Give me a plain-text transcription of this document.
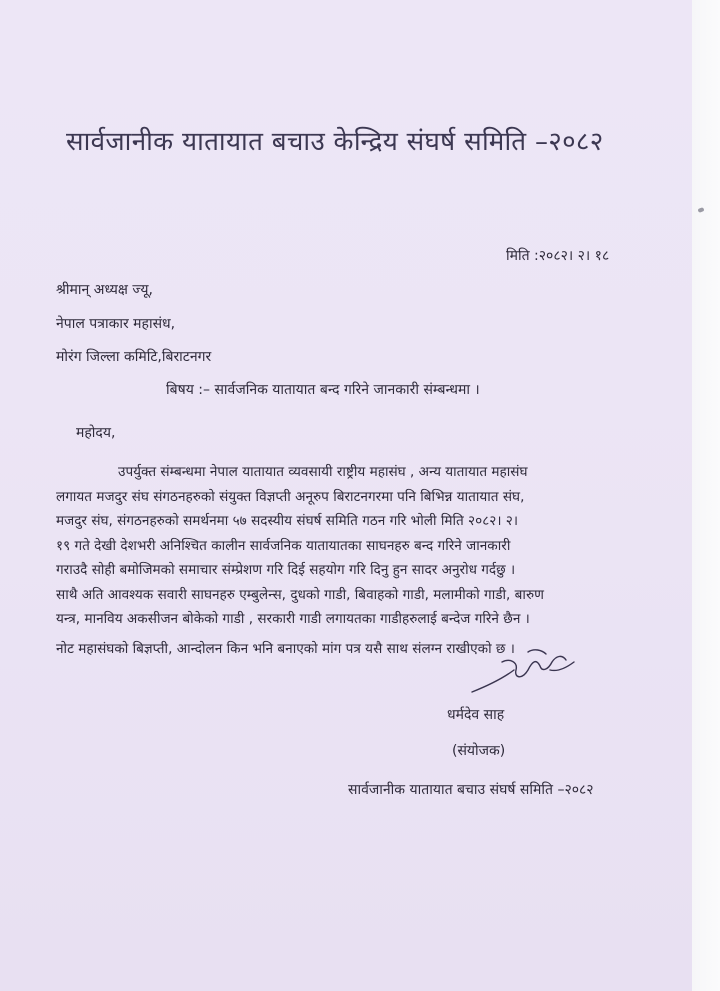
सार्वजानीक यातायात बचाउ केन्द्रिय संघर्ष समिति –२०८२
मिति :२०८२। २। १८
श्रीमान् अध्यक्ष ज्यू,
नेपाल पत्राकार महासंध,
मोरंग जिल्ला कमिटि,बिराटनगर
बिषय :– सार्वजनिक यातायात बन्द गरिने जानकारी संम्बन्धमा ।
महोदय,
उपर्युक्त संम्बन्धमा नेपाल यातायात व्यवसायी राष्ट्रीय महासंघ , अन्य यातायात महासंघ
लगायत मजदुर संघ संगठनहरुको संयुक्त विज्ञप्ती अनूरुप बिराटनगरमा पनि बिभिन्न यातायात संघ,
मजदुर संघ, संगठनहरुको समर्थनमा ५७ सदस्यीय संघर्ष समिति गठन गरि भोली मिति २०८२। २।
१९ गते देखी देशभरी अनिश्चित कालीन सार्वजनिक यातायातका साघनहरु बन्द गरिने जानकारी
गराउदै सोही बमोजिमको समाचार संम्प्रेशण गरि दिई सहयोग गरि दिनु हुन सादर अनुरोध गर्दछु ।
साथै अति आवश्यक सवारी साघनहरु एम्बुलेन्स, दुधको गाडी, बिवाहको गाडी, मलामीको गाडी, बारुण
यन्त्र, मानविय अकसीजन बोकेको गाडी , सरकारी गाडी लगायतका गाडीहरुलाई बन्देज गरिने छैन ।
नोट महासंघको बिज्ञप्ती, आन्दोलन किन भनि बनाएको मांग पत्र यसै साथ संलग्न राखीएको छ ।
धर्मदेव साह
(संयोजक)
सार्वजानीक यातायात बचाउ संघर्ष समिति –२०८२
